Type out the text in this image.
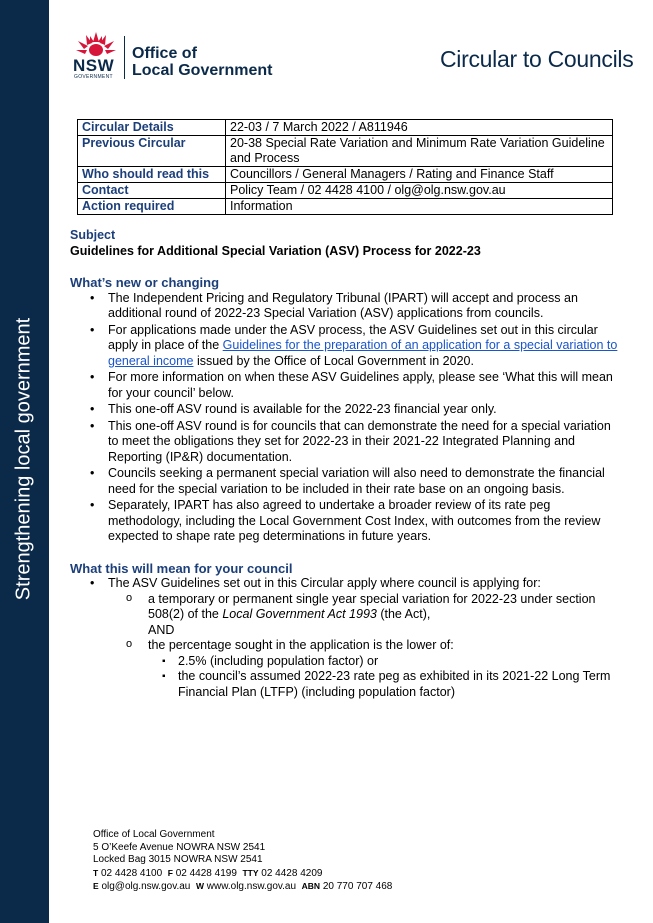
Strengthening local government
NSW
GOVERNMENT
Office of
Local Government	Circular to Councils
Circular Details	22-03 / 7 March 2022 / A811946
Previous Circular	20-38 Special Rate Variation and Minimum Rate Variation Guideline and Process
Who should read this	Councillors / General Managers / Rating and Finance Staff
Contact	Policy Team / 02 4428 4100 / olg@olg.nsw.gov.au
Action required	Information
Subject
Guidelines for Additional Special Variation (ASV) Process for 2022-23
What’s new or changing
• The Independent Pricing and Regulatory Tribunal (IPART) will accept and process an additional round of 2022-23 Special Variation (ASV) applications from councils.
• For applications made under the ASV process, the ASV Guidelines set out in this circular apply in place of the Guidelines for the preparation of an application for a special variation to general income issued by the Office of Local Government in 2020.
• For more information on when these ASV Guidelines apply, please see ‘What this will mean for your council’ below.
• This one-off ASV round is available for the 2022-23 financial year only.
• This one-off ASV round is for councils that can demonstrate the need for a special variation to meet the obligations they set for 2022-23 in their 2021-22 Integrated Planning and Reporting (IP&R) documentation.
• Councils seeking a permanent special variation will also need to demonstrate the financial need for the special variation to be included in their rate base on an ongoing basis.
• Separately, IPART has also agreed to undertake a broader review of its rate peg methodology, including the Local Government Cost Index, with outcomes from the review expected to shape rate peg determinations in future years.
What this will mean for your council
• The ASV Guidelines set out in this Circular apply where council is applying for:
o a temporary or permanent single year special variation for 2022-23 under section 508(2) of the Local Government Act 1993 (the Act),
AND
o the percentage sought in the application is the lower of:
▪ 2.5% (including population factor) or
▪ the council’s assumed 2022-23 rate peg as exhibited in its 2021-22 Long Term Financial Plan (LTFP) (including population factor)
Office of Local Government
5 O’Keefe Avenue NOWRA NSW 2541
Locked Bag 3015 NOWRA NSW 2541
T 02 4428 4100 F 02 4428 4199 TTY 02 4428 4209
E olg@olg.nsw.gov.au W www.olg.nsw.gov.au ABN 20 770 707 468
